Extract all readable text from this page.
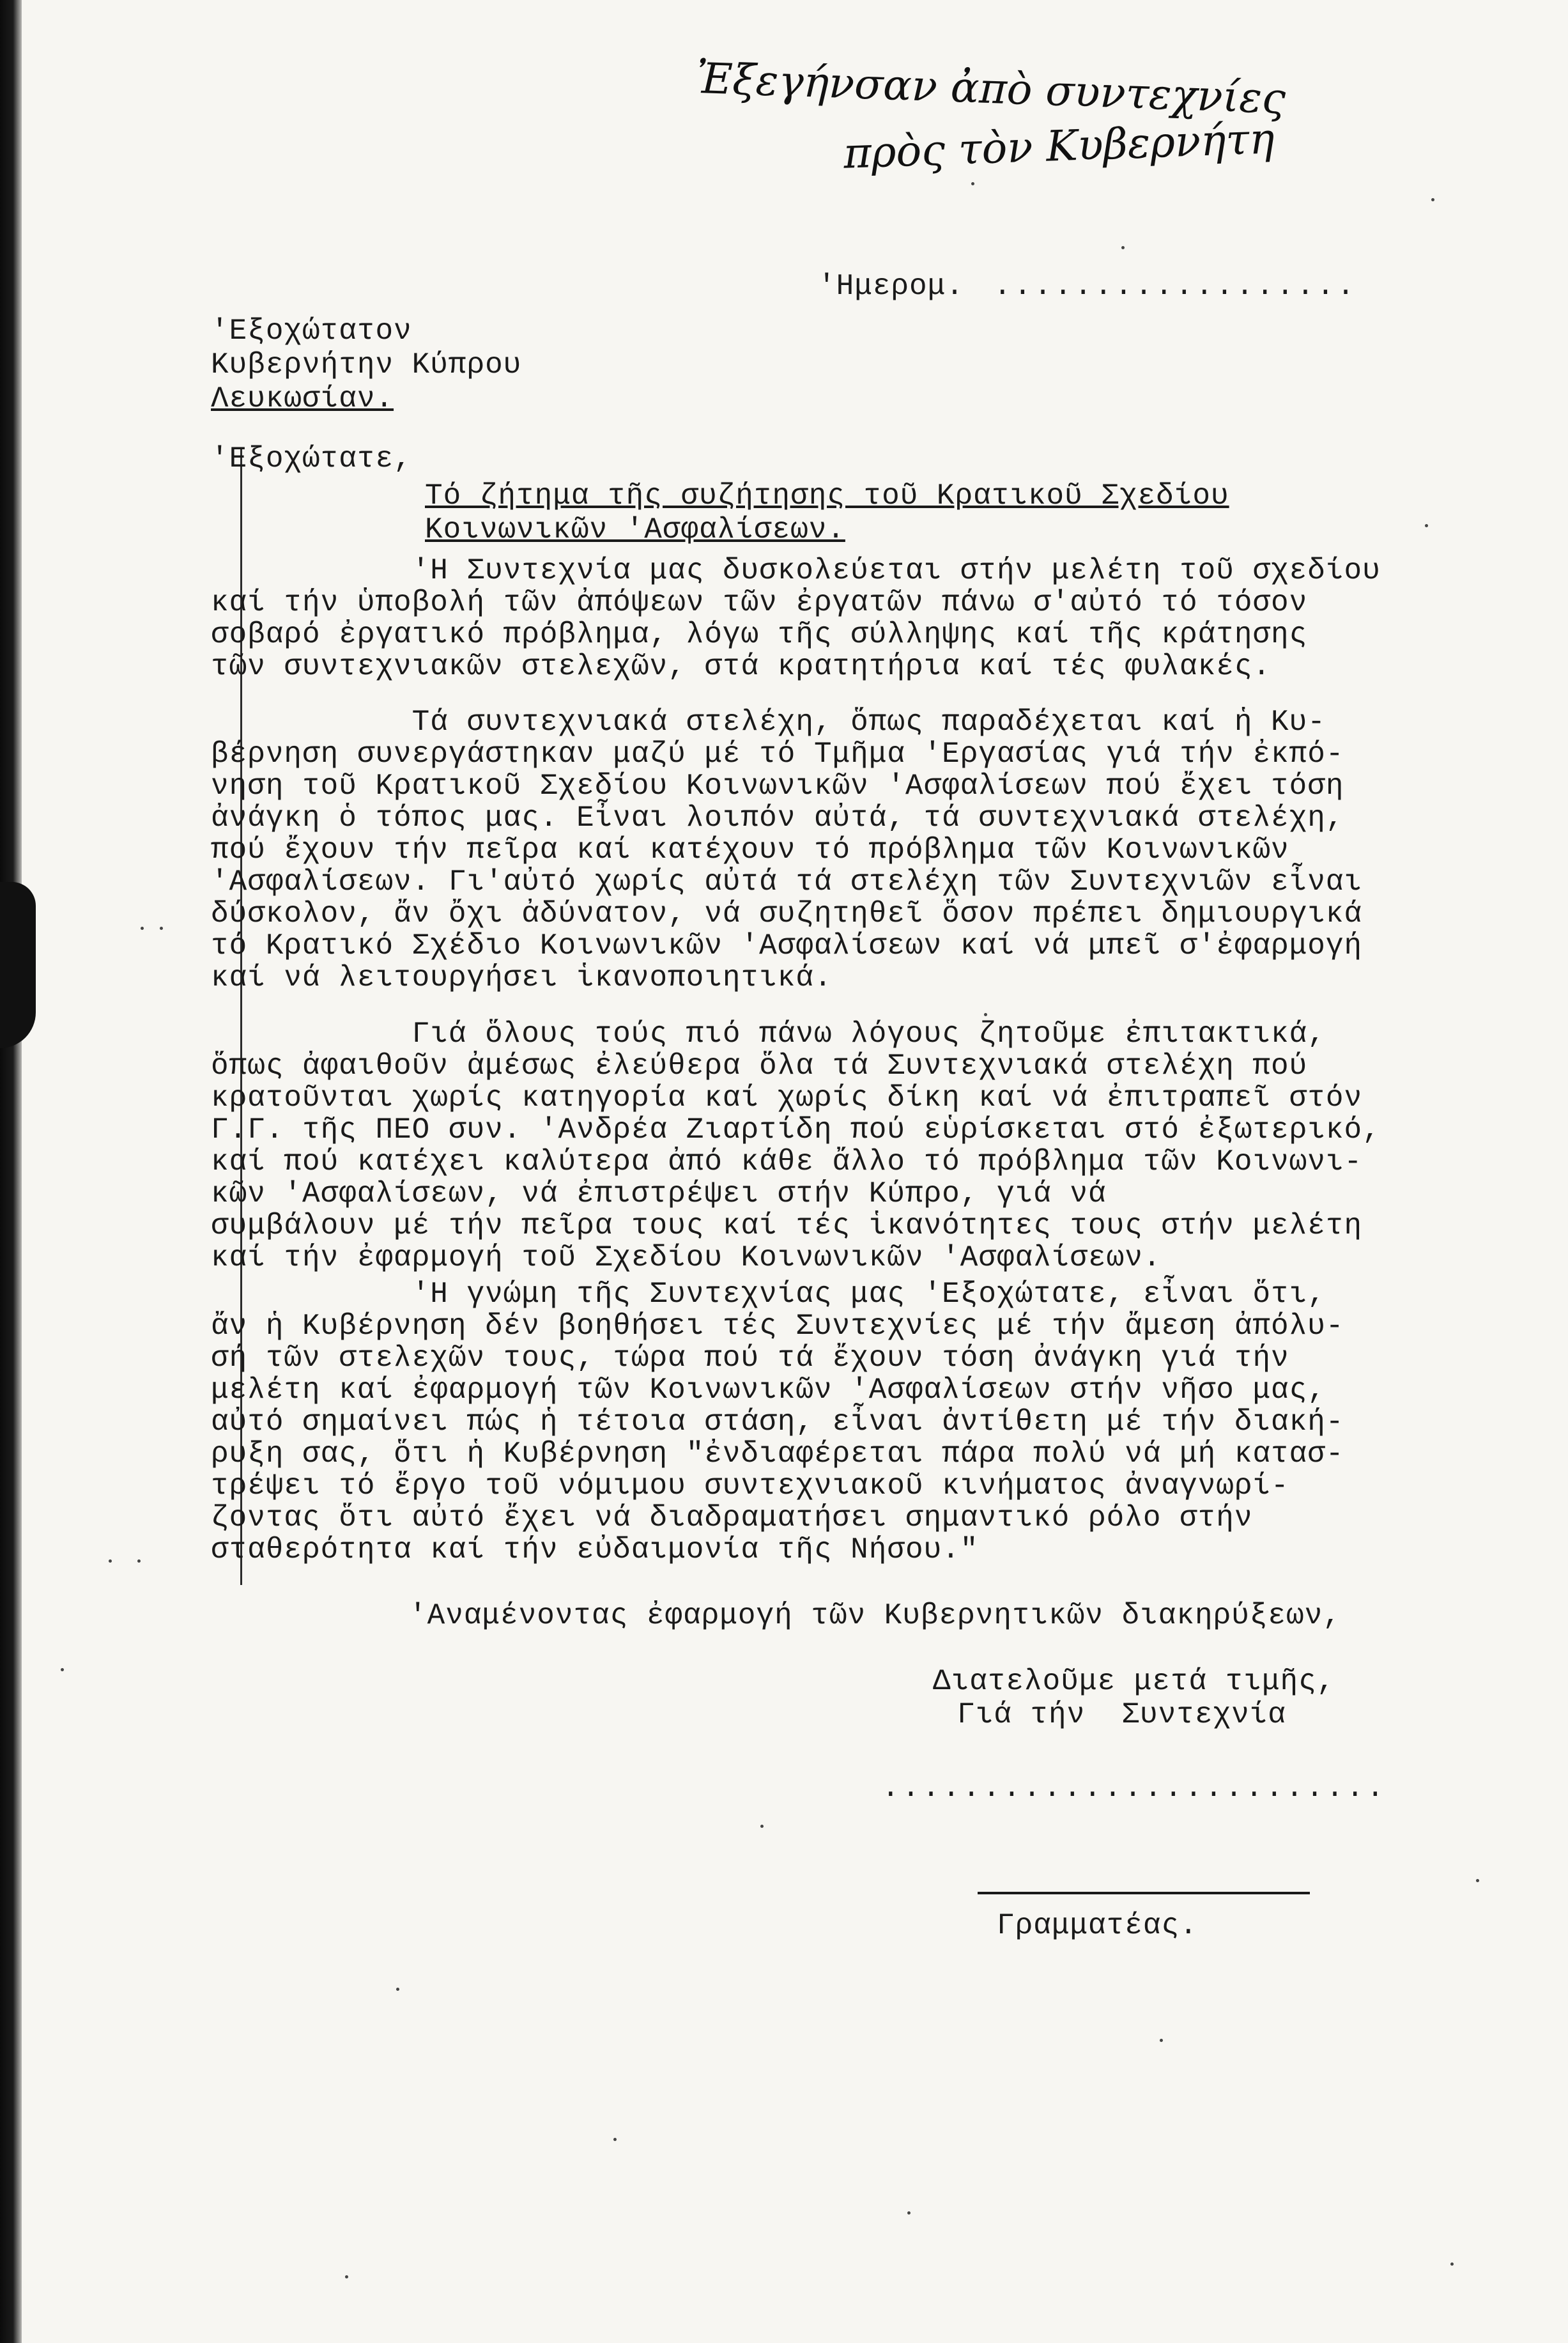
Ἐξεγήνσαν ἀπὸ συντεχνίες
πρὸς τὸν Κυβερνήτη
'Ημερομ. ..................
'Εξοχώτατον
Κυβερνήτην Κύπρου
Λευκωσίαν.
'Εξοχώτατε,
Τό ζήτημα τῆς συζήτησης τοῦ Κρατικοῦ Σχεδίου
Κοινωνικῶν 'Ασφαλίσεων.
'Η Συντεχνία μας δυσκολεύεται στήν μελέτη τοῦ σχεδίου
καί τήν ὑποβολή τῶν ἀπόψεων τῶν ἐργατῶν πάνω σ'αὐτό τό τόσον
σοβαρό ἐργατικό πρόβλημα, λόγω τῆς σύλληψης καί τῆς κράτησης
τῶν συντεχνιακῶν στελεχῶν, στά κρατητήρια καί τές φυλακές.
Τά συντεχνιακά στελέχη, ὅπως παραδέχεται καί ἡ Κυ-
βέρνηση συνεργάστηκαν μαζύ μέ τό Τμῆμα 'Εργασίας γιά τήν ἐκπό-
νηση τοῦ Κρατικοῦ Σχεδίου Κοινωνικῶν 'Ασφαλίσεων πού ἔχει τόση
ἀνάγκη ὁ τόπος μας. Εἶναι λοιπόν αὐτά, τά συντεχνιακά στελέχη,
πού ἔχουν τήν πεῖρα καί κατέχουν τό πρόβλημα τῶν Κοινωνικῶν
'Ασφαλίσεων. Γι'αὐτό χωρίς αὐτά τά στελέχη τῶν Συντεχνιῶν εἶναι
δύσκολον, ἄν ὄχι ἀδύνατον, νά συζητηθεῖ ὅσον πρέπει δημιουργικά
τό Κρατικό Σχέδιο Κοινωνικῶν 'Ασφαλίσεων καί νά μπεῖ σ'ἐφαρμογή
καί νά λειτουργήσει ἱκανοποιητικά.
Γιά ὅλους τούς πιό πάνω λόγους ζητοῦμε ἐπιτακτικά,
ὅπως ἀφαιθοῦν ἀμέσως ἐλεύθερα ὅλα τά Συντεχνιακά στελέχη πού
κρατοῦνται χωρίς κατηγορία καί χωρίς δίκη καί νά ἐπιτραπεῖ στόν
Γ.Γ. τῆς ΠΕΟ συν. 'Ανδρέα Ζιαρτίδη πού εὑρίσκεται στό ἐξωτερικό,
καί πού κατέχει καλύτερα ἀπό κάθε ἄλλο τό πρόβλημα τῶν Κοινωνι-
κῶν 'Ασφαλίσεων, νά ἐπιστρέψει στήν Κύπρο, γιά νά
συμβάλουν μέ τήν πεῖρα τους καί τές ἱκανότητες τους στήν μελέτη
καί τήν ἐφαρμογή τοῦ Σχεδίου Κοινωνικῶν 'Ασφαλίσεων.
'Η γνώμη τῆς Συντεχνίας μας 'Εξοχώτατε, εἶναι ὅτι,
ἄν ἡ Κυβέρνηση δέν βοηθήσει τές Συντεχνίες μέ τήν ἄμεση ἀπόλυ-
σή τῶν στελεχῶν τους, τώρα πού τά ἔχουν τόση ἀνάγκη γιά τήν
μελέτη καί ἐφαρμογή τῶν Κοινωνικῶν 'Ασφαλίσεων στήν νῆσο μας,
αὐτό σημαίνει πώς ἡ τέτοια στάση, εἶναι ἀντίθετη μέ τήν διακή-
ρυξη σας, ὅτι ἡ Κυβέρνηση "ἐνδιαφέρεται πάρα πολύ νά μή κατασ-
τρέψει τό ἔργο τοῦ νόμιμου συντεχνιακοῦ κινήματος ἀναγνωρί-
ζοντας ὅτι αὐτό ἔχει νά διαδραματήσει σημαντικό ρόλο στήν
σταθερότητα καί τήν εὐδαιμονία τῆς Νήσου."
'Αναμένοντας ἐφαρμογή τῶν Κυβερνητικῶν διακηρύξεων,
Διατελοῦμε μετά τιμῆς,
Γιά τήν  Συντεχνία
.........................
Γραμματέας.
